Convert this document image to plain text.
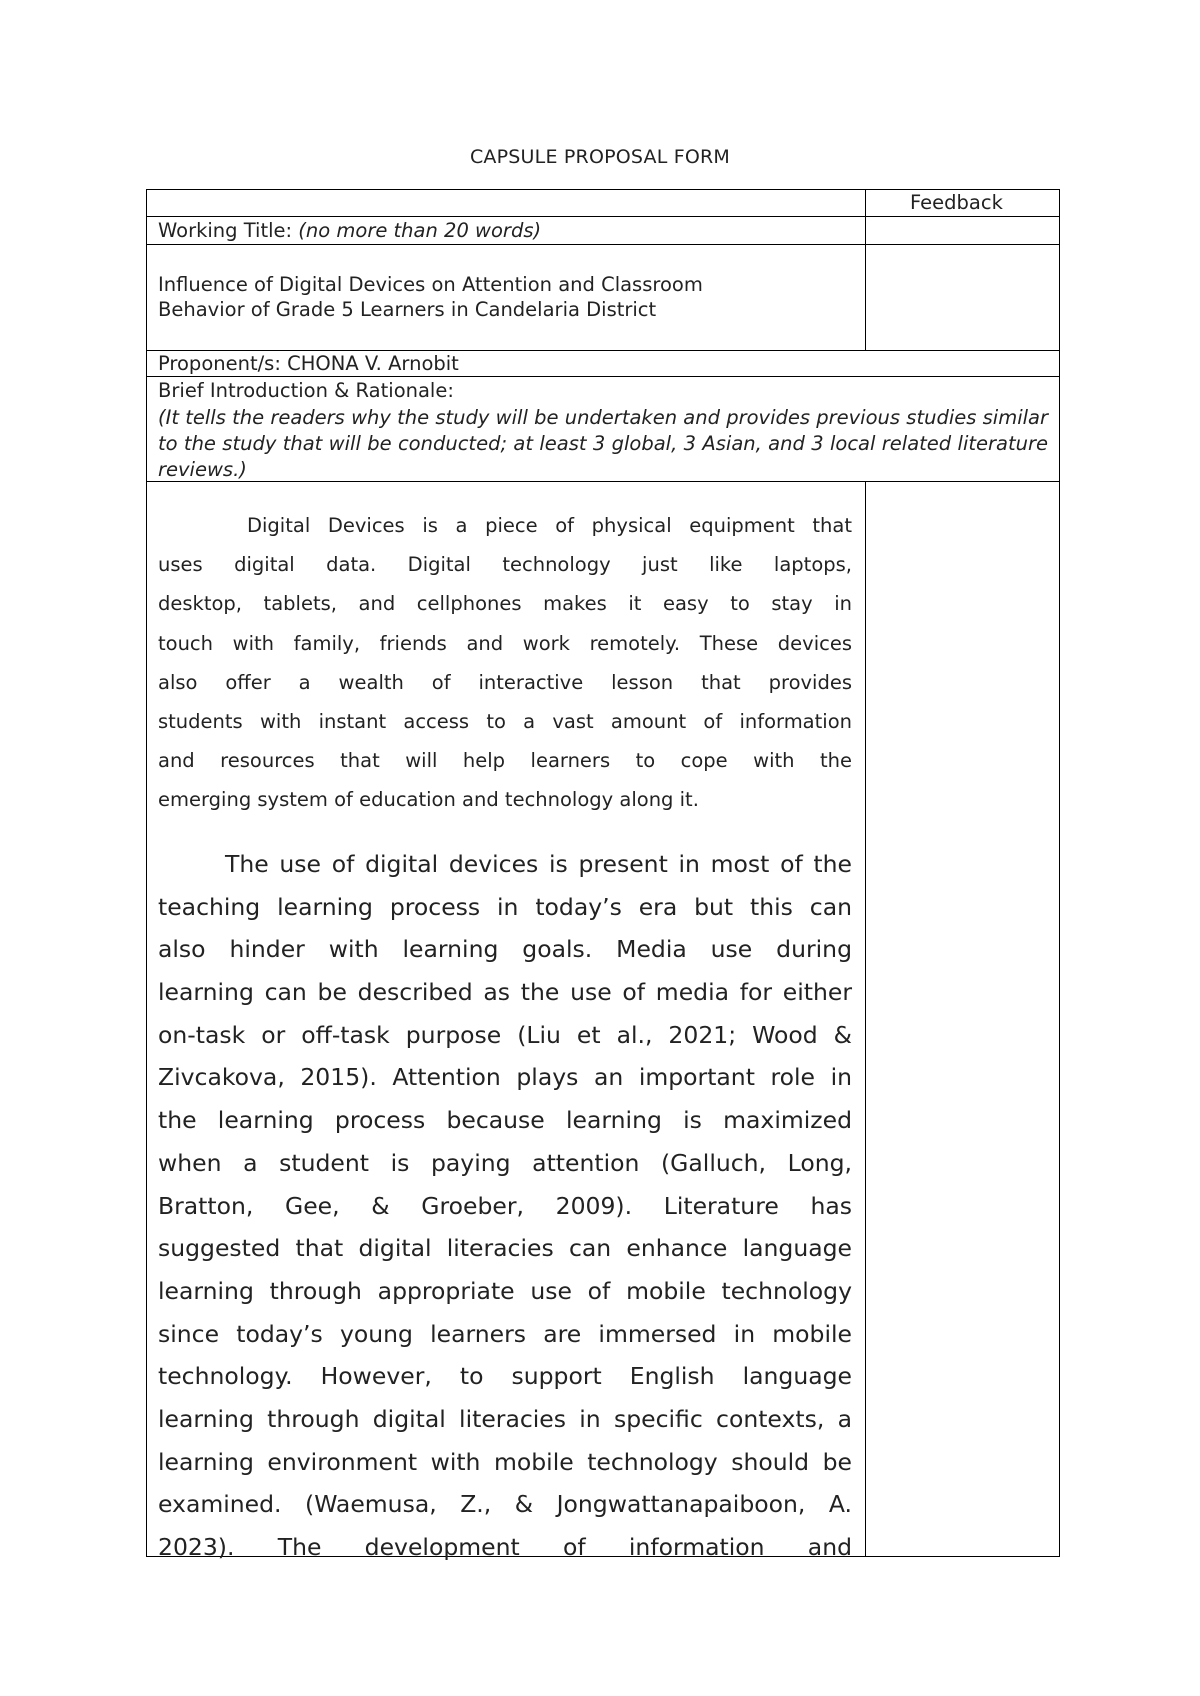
CAPSULE PROPOSAL FORM
Feedback
Working Title: (no more than 20 words)
Influence of Digital Devices on Attention and Classroom
Behavior of Grade 5 Learners in Candelaria District
Proponent/s: CHONA V. Arnobit
Brief Introduction & Rationale:
(It tells the readers why the study will be undertaken and provides previous studies similar to the study that will be conducted; at least 3 global, 3 Asian, and 3 local related literature reviews.)
Digital Devices is a piece of physical equipment that
uses digital data. Digital technology just like laptops,
desktop, tablets, and cellphones makes it easy to stay in
touch with family, friends and work remotely. These devices
also offer a wealth of interactive lesson that provides
students with instant access to a vast amount of information
and resources that will help learners to cope with the
emerging system of education and technology along it.
The use of digital devices is present in most of the
teaching learning process in today’s era but this can
also hinder with learning goals. Media use during
learning can be described as the use of media for either
on-task or off-task purpose (Liu et al., 2021; Wood &
Zivcakova, 2015). Attention plays an important role in
the learning process because learning is maximized
when a student is paying attention (Galluch, Long,
Bratton, Gee, & Groeber, 2009). Literature has
suggested that digital literacies can enhance language
learning through appropriate use of mobile technology
since today’s young learners are immersed in mobile
technology. However, to support English language
learning through digital literacies in specific contexts, a
learning environment with mobile technology should be
examined. (Waemusa, Z., & Jongwattanapaiboon, A.
2023). The development of information and
